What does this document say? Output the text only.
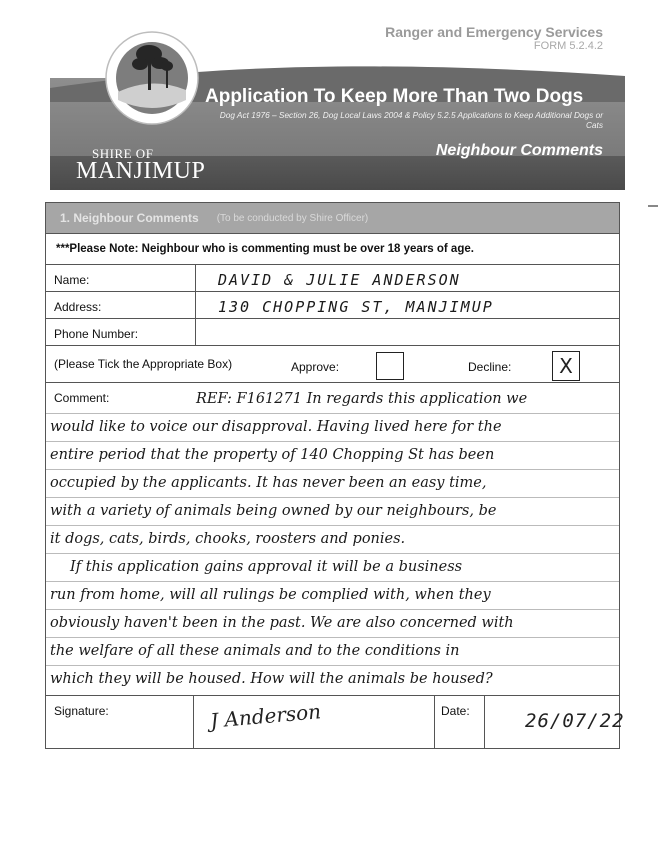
Ranger and Emergency Services
FORM 5.2.4.2
Application To Keep More Than Two Dogs
Dog Act 1976 – Section 26, Dog Local Laws 2004 & Policy 5.2.5 Applications to Keep Additional Dogs or Cats
Neighbour Comments
SHIRE OF
MANJIMUP
1. Neighbour Comments (To be conducted by Shire Officer)
***Please Note: Neighbour who is commenting must be over 18 years of age.
Name:	DAVID & JULIE ANDERSON
Address:	130 CHOPPING ST, MANJIMUP
Phone Number:
(Please Tick the Appropriate Box)	Approve:	Decline:	X
Comment:	REF: F161271 In regards this application we
would like to voice our disapproval. Having lived here for the
entire period that the property of 140 Chopping St has been
occupied by the applicants. It has never been an easy time,
with a variety of animals being owned by our neighbours, be
it dogs, cats, birds, chooks, roosters and ponies.
If this application gains approval it will be a business
run from home, will all rulings be complied with, when they
obviously haven't been in the past. We are also concerned with
the welfare of all these animals and to the conditions in
which they will be housed. How will the animals be housed?
Signature:	J Anderson	Date:	26/07/22
